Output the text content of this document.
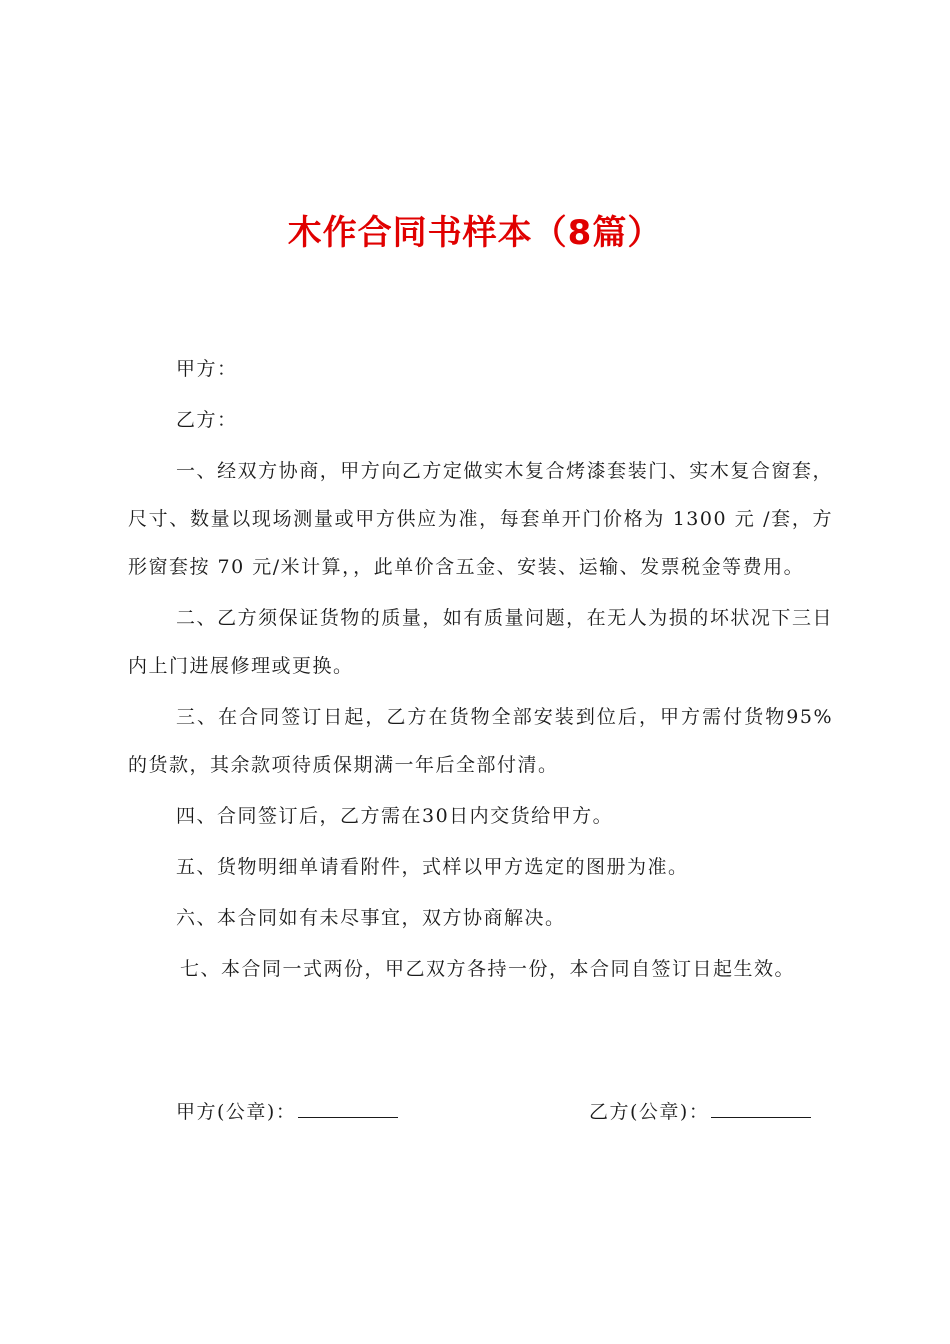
木作合同书样本（8篇）

甲方：

乙方：

一、经双方协商，甲方向乙方定做实木复合烤漆套装门、实木复合窗套，尺寸、数量以现场测量或甲方供应为准，每套单开门价格为 1300 元 /套，方形窗套按 70 元/米计算，，此单价含五金、安装、运输、发票税金等费用。

二、乙方须保证货物的质量，如有质量问题，在无人为损的坏状况下三日内上门进展修理或更换。

三、在合同签订日起，乙方在货物全部安装到位后，甲方需付货物95%的货款，其余款项待质保期满一年后全部付清。

四、合同签订后，乙方需在30日内交货给甲方。

五、货物明细单请看附件，式样以甲方选定的图册为准。

六、本合同如有未尽事宜，双方协商解决。

七、本合同一式两份，甲乙双方各持一份，本合同自签订日起生效。

甲方(公章)：	乙方(公章)：
